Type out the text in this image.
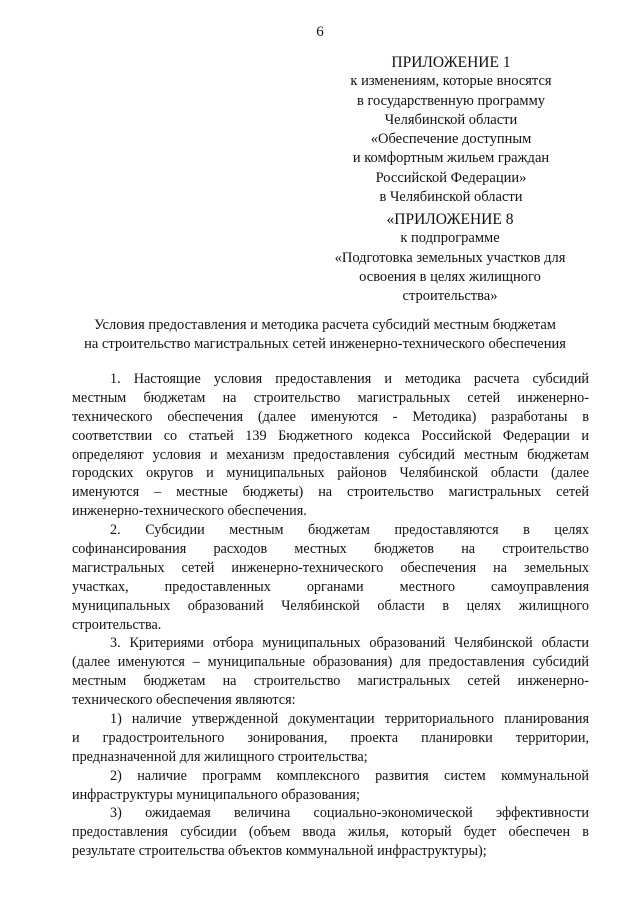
6
ПРИЛОЖЕНИЕ 1
к изменениям, которые вносятся
в государственную программу
Челябинской области
«Обеспечение доступным
и комфортным жильем граждан
Российской Федерации»
в Челябинской области
«ПРИЛОЖЕНИЕ 8
к подпрограмме
«Подготовка земельных участков для
освоения в целях жилищного
строительства»
Условия предоставления и методика расчета субсидий местным бюджетам
на строительство магистральных сетей инженерно-технического обеспечения
1. Настоящие условия предоставления и методика расчета субсидий
местным бюджетам на строительство магистральных сетей инженерно-
технического обеспечения (далее именуются - Методика) разработаны в
соответствии со статьей 139 Бюджетного кодекса Российской Федерации и
определяют условия и механизм предоставления субсидий местным бюджетам
городских округов и муниципальных районов Челябинской области (далее
именуются – местные бюджеты) на строительство магистральных сетей
инженерно-технического обеспечения.
2. Субсидии местным бюджетам предоставляются в целях
софинансирования расходов местных бюджетов на строительство
магистральных сетей инженерно-технического обеспечения на земельных
участках, предоставленных органами местного самоуправления
муниципальных образований Челябинской области в целях жилищного
строительства.
3. Критериями отбора муниципальных образований Челябинской области
(далее именуются – муниципальные образования) для предоставления субсидий
местным бюджетам на строительство магистральных сетей инженерно-
технического обеспечения являются:
1) наличие утвержденной документации территориального планирования
и градостроительного зонирования, проекта планировки территории,
предназначенной для жилищного строительства;
2) наличие программ комплексного развития систем коммунальной
инфраструктуры муниципального образования;
3) ожидаемая величина социально-экономической эффективности
предоставления субсидии (объем ввода жилья, который будет обеспечен в
результате строительства объектов коммунальной инфраструктуры);
